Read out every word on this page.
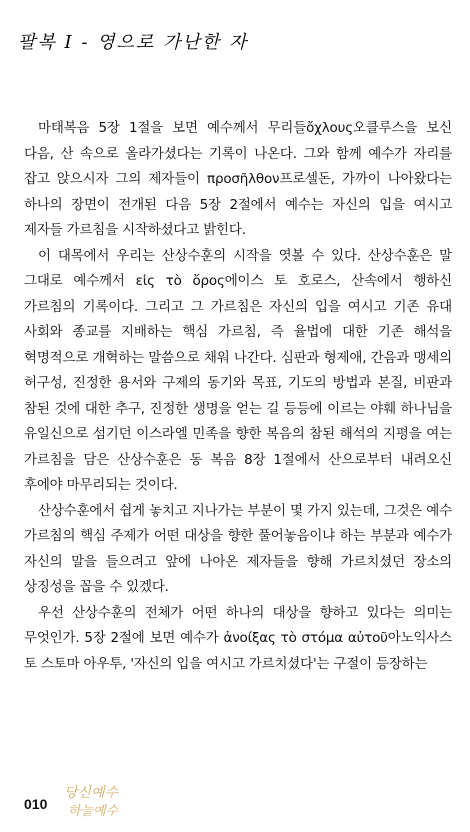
팔복 I - 영으로 가난한 자

마태복음 5장 1절을 보면 예수께서 무리들ὄχλους오클루스을 보신 다음, 산 속으로 올라가셨다는 기록이 나온다. 그와 함께 예수가 자리를 잡고 앉으시자 그의 제자들이 προσῆλθον프로셀돈, 가까이 나아왔다는 하나의 장면이 전개된 다음 5장 2절에서 예수는 자신의 입을 여시고 제자들 가르침을 시작하셨다고 밝힌다.

이 대목에서 우리는 산상수훈의 시작을 엿볼 수 있다. 산상수훈은 말 그대로 예수께서 εἰς τὸ ὄρος에이스 토 호로스, 산속에서 행하신 가르침의 기록이다. 그리고 그 가르침은 자신의 입을 여시고 기존 유대 사회와 종교를 지배하는 핵심 가르침, 즉 율법에 대한 기존 해석을 혁명적으로 개혁하는 말씀으로 채워 나간다. 심판과 형제애, 간음과 맹세의 허구성, 진정한 용서와 구제의 동기와 목표, 기도의 방법과 본질, 비판과 참된 것에 대한 추구, 진정한 생명을 얻는 길 등등에 이르는 야훼 하나님을 유일신으로 섬기던 이스라엘 민족을 향한 복음의 참된 해석의 지평을 여는 가르침을 담은 산상수훈은 동 복음 8장 1절에서 산으로부터 내려오신 후에야 마무리되는 것이다.

산상수훈에서 쉽게 놓치고 지나가는 부분이 몇 가지 있는데, 그것은 예수 가르침의 핵심 주제가 어떤 대상을 향한 풀어놓음이냐 하는 부분과 예수가 자신의 말을 들으려고 앞에 나아온 제자들을 향해 가르치셨던 장소의 상징성을 꼽을 수 있겠다.

우선 산상수훈의 전체가 어떤 하나의 대상을 향하고 있다는 의미는 무엇인가. 5장 2절에 보면 예수가 ἀνοίξας τὸ στόμα αὐτοῦ아노익사스 토 스토마 아우투, '자신의 입을 여시고 가르치셨다'는 구절이 등장하는

010
당신예수
하늘예수
